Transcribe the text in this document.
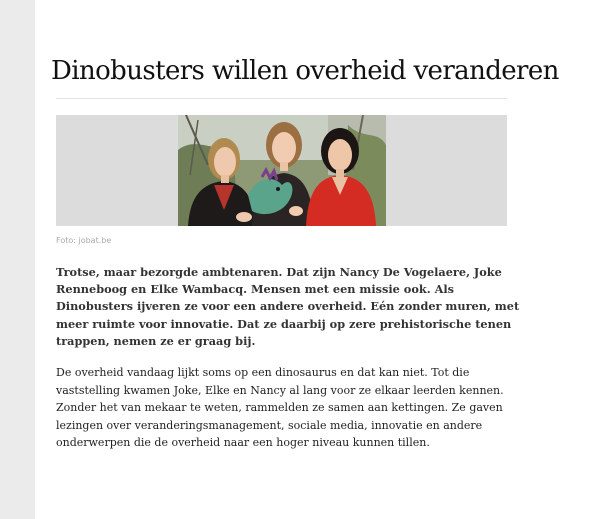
Dinobusters willen overheid veranderen
Foto: jobat.be

Trotse, maar bezorgde ambtenaren. Dat zijn Nancy De Vogelaere, Joke Renneboog en Elke Wambacq. Mensen met een missie ook. Als Dinobusters ijveren ze voor een andere overheid. Eén zonder muren, met meer ruimte voor innovatie. Dat ze daarbij op zere prehistorische tenen trappen, nemen ze er graag bij.

De overheid vandaag lijkt soms op een dinosaurus en dat kan niet. Tot die vaststelling kwamen Joke, Elke en Nancy al lang voor ze elkaar leerden kennen. Zonder het van mekaar te weten, rammelden ze samen aan kettingen. Ze gaven lezingen over veranderingsmanagement, sociale media, innovatie en andere onderwerpen die de overheid naar een hoger niveau kunnen tillen.
